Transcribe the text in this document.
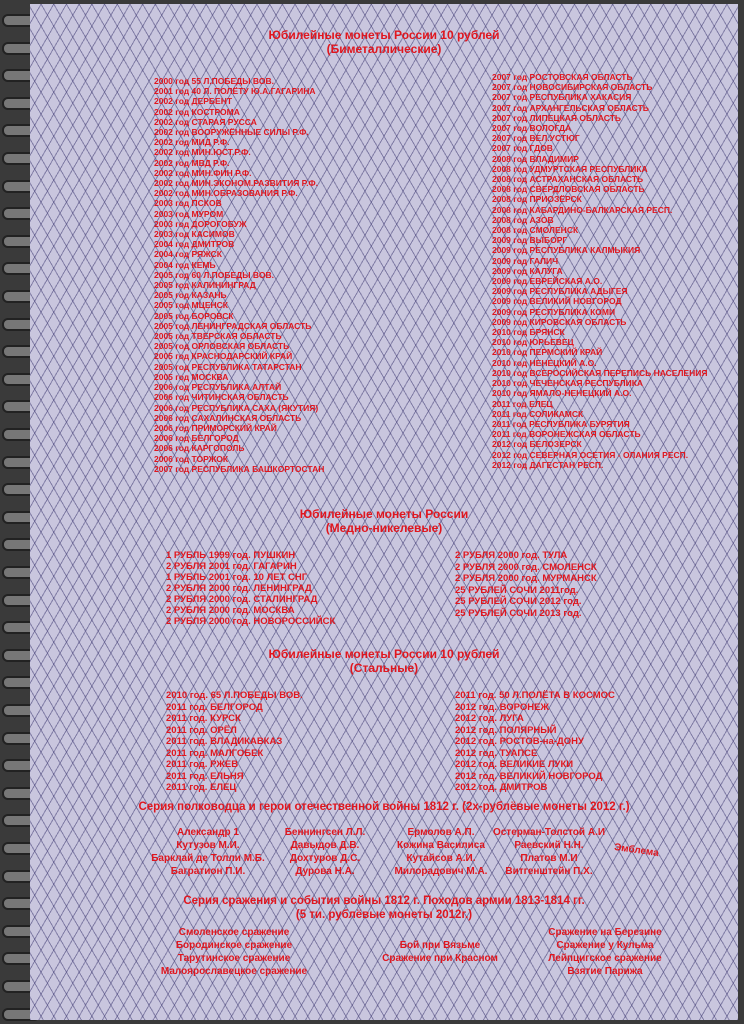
Юбилейные монеты России 10 рублей
(Биметаллические)
2000 год 55 Л.ПОБЕДЫ ВОВ.
2001 год 40 Л. ПОЛЁТУ Ю.А.ГАГАРИНА
2002 год ДЕРБЕНТ
2002 год КОСТРОМА
2002 год СТАРАЯ РУССА
2002 год ВООРУЖЁННЫЕ СИЛЫ Р.Ф.
2002 год МИД Р.Ф.
2002 год МИН.ЮСТ.Р.Ф.
2002 год МВД Р.Ф.
2002 год МИН.ФИН Р.Ф.
2002 год МИН.ЭКОНОМ.РАЗВИТИЯ Р.Ф.
2002 год МИН.ОБРАЗОВАНИЯ Р.Ф.
2003 год ПСКОВ
2003 год МУРОМ
2003 год ДОРОГОБУЖ
2003 год КАСИМОВ
2004 год ДМИТРОВ
2004 год РЯЖСК
2004 год КЕМЬ
2005 год 60 Л.ПОБЕДЫ ВОВ.
2005 год КАЛИНИНГРАД
2005 год КАЗАНЬ
2005 год МЦЕНСК
2005 год БОРОВСК
2005 год ЛЕНИНГРАДСКАЯ ОБЛАСТЬ
2005 год ТВЕРСКАЯ ОБЛАСТЬ
2005 год ОРЛОВСКАЯ ОБЛАСТЬ
2005 год КРАСНОДАРСКИЙ КРАЙ
2005 год РЕСПУБЛИКА ТАТАРСТАН
2005 год МОСКВА
2006 год РЕСПУБЛИКА АЛТАЙ
2006 год ЧИТИНСКАЯ ОБЛАСТЬ
2006 год РЕСПУБЛИКА САХА (ЯКУТИЯ)
2006 год САХАЛИНСКАЯ ОБЛАСТЬ
2006 год ПРИМОРСКИЙ КРАЙ
2006 год БЕЛГОРОД
2006 год КАРГОПОЛЬ
2006 год ТОРЖОК
2007 год РЕСПУБЛИКА БАШКОРТОСТАН
2007 год РОСТОВСКАЯ ОБЛАСТЬ
2007 год НОВОСИБИРСКАЯ ОБЛАСТЬ
2007 год РЕСПУБЛИКА ХАКАСИЯ
2007 год АРХАНГЕЛЬСКАЯ ОБЛАСТЬ
2007 год ЛИПЕЦКАЯ ОБЛАСТЬ
2007 год ВОЛОГДА
2007 год ВЕЛ.УСТЮГ
2007 год ГДОВ
2008 год ВЛАДИМИР
2008 год УДМУРТСКАЯ РЕСПУБЛИКА
2008 год АСТРАХАНСКАЯ ОБЛАСТЬ
2008 год СВЕРДЛОВСКАЯ ОБЛАСТЬ
2008 год ПРИОЗЁРСК
2008 год КАБАРДИНО-БАЛКАРСКАЯ РЕСП.
2008 год АЗОВ
2008 год СМОЛЕНСК
2009 год ВЫБОРГ
2009 год РЕСПУБЛИКА КАЛМЫКИЯ
2009 год ГАЛИЧ
2009 год КАЛУГА
2009 год ЕВРЕЙСКАЯ А.О.
2009 год РЕСПУБЛИКА АДЫГЕЯ
2009 год ВЕЛИКИЙ НОВГОРОД
2009 год РЕСПУБЛИКА КОМИ
2009 год КИРОВСКАЯ ОБЛАСТЬ
2010 год БРЯНСК
2010 год ЮРЬЕВЕЦ
2010 год ПЕРМСКИЙ КРАЙ
2010 год НЕНЕЦКИЙ А.О.
2010 год ВСЕРОСИЙСКАЯ ПЕРЕПИСЬ НАСЕЛЕНИЯ
2010 год ЧЕЧЕНСКАЯ РЕСПУБЛИКА
2010 год ЯМАЛО-НЕНЕЦКИЙ А.О.
2011 год ЕЛЕЦ
2011 год СОЛИКАМСК
2011 год РЕСПУБЛИКА БУРЯТИЯ
2011 год ВОРОНЕЖСКАЯ ОБЛАСТЬ
2012 год БЕЛОЗЕРСК
2012 год СЕВЕРНАЯ ОСЕТИЯ - ОЛАНИЯ РЕСП.
2012 год ДАГЕСТАН РЕСП.
Юбилейные монеты России
(Медно-никелевые)
1 РУБЛЬ 1999 год. ПУШКИН
2 РУБЛЯ 2001 год. ГАГАРИН
1 РУБЛЬ 2001 год. 10 ЛЕТ СНГ
2 РУБЛЯ 2000 год. ЛЕНИНГРАД
2 РУБЛЯ 2000 год. СТАЛИНГРАД
2 РУБЛЯ 2000 год. МОСКВА
2 РУБЛЯ 2000 год. НОВОРОССИЙСК
2 РУБЛЯ 2000 год. ТУЛА
2 РУБЛЯ 2000 год. СМОЛЕНСК
2 РУБЛЯ 2000 год. МУРМАНСК
25 РУБЛЕЙ СОЧИ 2011год.
25 РУБЛЕЙ СОЧИ 2012 год.
25 РУБЛЕЙ СОЧИ 2013 год.
Юбилейные монеты России 10 рублей
(Стальные)
2010 год. 65 Л.ПОБЕДЫ ВОВ.
2011 год. БЕЛГОРОД
2011 год. КУРСК
2011 год. ОРЁЛ
2011 год. ВЛАДИКАВКАЗ
2011 год. МАЛГОБЕК
2011 год. РЖЕВ
2011 год. ЕЛЬНЯ
2011 год. ЕЛЕЦ
2011 год. 50 Л.ПОЛЁТА В КОСМОС
2012 год. ВОРОНЕЖ
2012 год. ЛУГА
2012 год. ПОЛЯРНЫЙ
2012 год. РОСТОВ-на-ДОНУ
2012 год. ТУАПСЕ
2012 год. ВЕЛИКИЕ ЛУКИ
2012 год. ВЕЛИКИЙ НОВГОРОД
2012 год. ДМИТРОВ
Серия полководца и герои отечественной войны 1812 г. (2х-рублёвые монеты 2012 г.)
Александр 1
Кутузов М.И.
Барклай де Толли М.Б.
Багратион П.И.
Беннингсен Л.Л.
Давыдов Д.В.
Дохтуров Д.С.
Дурова Н.А.
Ермолов А.П.
Кожина Василиса
Кутайсов А.И.
Милорадович М.А.
Остерман-Толстой А.И
Раевский Н.Н.
Платов М.И
Витгенштейн П.Х.
Эмблема
Серия сражения и события войны 1812 г. Походов армии 1813-1814 гг.
(5 ти. рублёвые монеты 2012г.)
Смоленское сражение
Бородинское сражение
Тарутинское сражение
Малоярославецкое сражение
Бой при Вязьме
Сражение при Красном
Сражение на Березине
Сражение у Кульма
Лейпцигское сражение
Взятие Парижа
